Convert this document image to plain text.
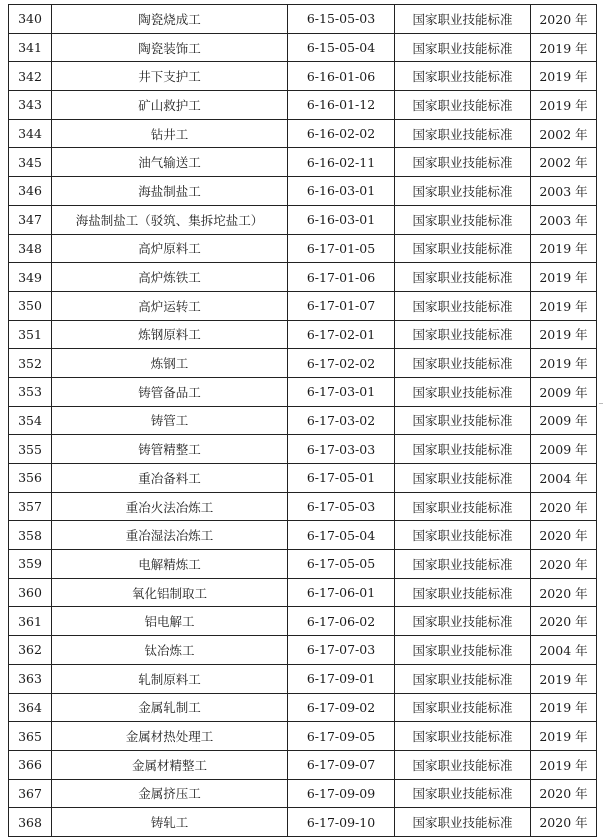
340	陶瓷烧成工	6-15-05-03	国家职业技能标准	2020 年
341	陶瓷装饰工	6-15-05-04	国家职业技能标准	2019 年
342	井下支护工	6-16-01-06	国家职业技能标准	2019 年
343	矿山救护工	6-16-01-12	国家职业技能标准	2019 年
344	钻井工	6-16-02-02	国家职业技能标准	2002 年
345	油气输送工	6-16-02-11	国家职业技能标准	2002 年
346	海盐制盐工	6-16-03-01	国家职业技能标准	2003 年
347	海盐制盐工（驳筑、集拆坨盐工）	6-16-03-01	国家职业技能标准	2003 年
348	高炉原料工	6-17-01-05	国家职业技能标准	2019 年
349	高炉炼铁工	6-17-01-06	国家职业技能标准	2019 年
350	高炉运转工	6-17-01-07	国家职业技能标准	2019 年
351	炼钢原料工	6-17-02-01	国家职业技能标准	2019 年
352	炼钢工	6-17-02-02	国家职业技能标准	2019 年
353	铸管备品工	6-17-03-01	国家职业技能标准	2009 年
354	铸管工	6-17-03-02	国家职业技能标准	2009 年
355	铸管精整工	6-17-03-03	国家职业技能标准	2009 年
356	重冶备料工	6-17-05-01	国家职业技能标准	2004 年
357	重冶火法冶炼工	6-17-05-03	国家职业技能标准	2020 年
358	重冶湿法冶炼工	6-17-05-04	国家职业技能标准	2020 年
359	电解精炼工	6-17-05-05	国家职业技能标准	2020 年
360	氧化铝制取工	6-17-06-01	国家职业技能标准	2020 年
361	铝电解工	6-17-06-02	国家职业技能标准	2020 年
362	钛冶炼工	6-17-07-03	国家职业技能标准	2004 年
363	轧制原料工	6-17-09-01	国家职业技能标准	2019 年
364	金属轧制工	6-17-09-02	国家职业技能标准	2019 年
365	金属材热处理工	6-17-09-05	国家职业技能标准	2019 年
366	金属材精整工	6-17-09-07	国家职业技能标准	2019 年
367	金属挤压工	6-17-09-09	国家职业技能标准	2020 年
368	铸轧工	6-17-09-10	国家职业技能标准	2020 年
